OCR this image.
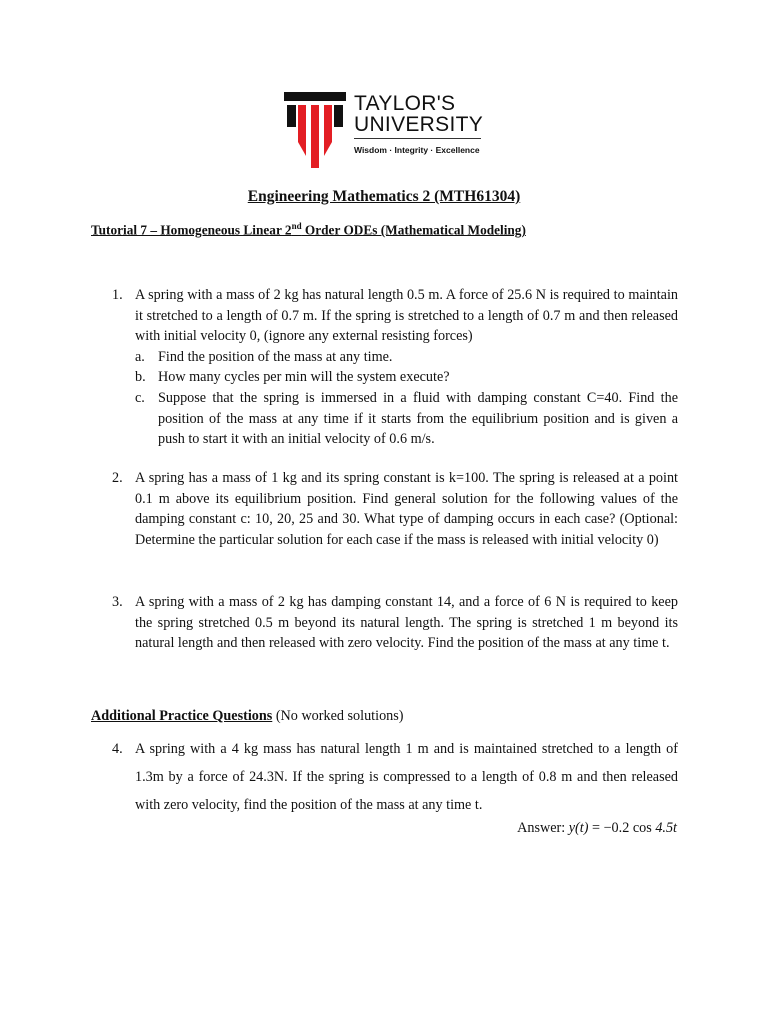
TAYLOR'S
UNIVERSITY
Wisdom · Integrity · Excellence
Engineering Mathematics 2 (MTH61304)
Tutorial 7 – Homogeneous Linear 2nd Order ODEs (Mathematical Modeling)
1. A spring with a mass of 2 kg has natural length 0.5 m. A force of 25.6 N is required to maintain it stretched to a length of 0.7 m. If the spring is stretched to a length of 0.7 m and then released with initial velocity 0, (ignore any external resisting forces)
a. Find the position of the mass at any time.
b. How many cycles per min will the system execute?
c. Suppose that the spring is immersed in a fluid with damping constant C=40. Find the position of the mass at any time if it starts from the equilibrium position and is given a push to start it with an initial velocity of 0.6 m/s.
2. A spring has a mass of 1 kg and its spring constant is k=100. The spring is released at a point 0.1 m above its equilibrium position. Find general solution for the following values of the damping constant c: 10, 20, 25 and 30. What type of damping occurs in each case? (Optional: Determine the particular solution for each case if the mass is released with initial velocity 0)
3. A spring with a mass of 2 kg has damping constant 14, and a force of 6 N is required to keep the spring stretched 0.5 m beyond its natural length. The spring is stretched 1 m beyond its natural length and then released with zero velocity. Find the position of the mass at any time t.
Additional Practice Questions (No worked solutions)
4. A spring with a 4 kg mass has natural length 1 m and is maintained stretched to a length of 1.3m by a force of 24.3N. If the spring is compressed to a length of 0.8 m and then released with zero velocity, find the position of the mass at any time t.
Answer: y(t) = −0.2 cos 4.5t
